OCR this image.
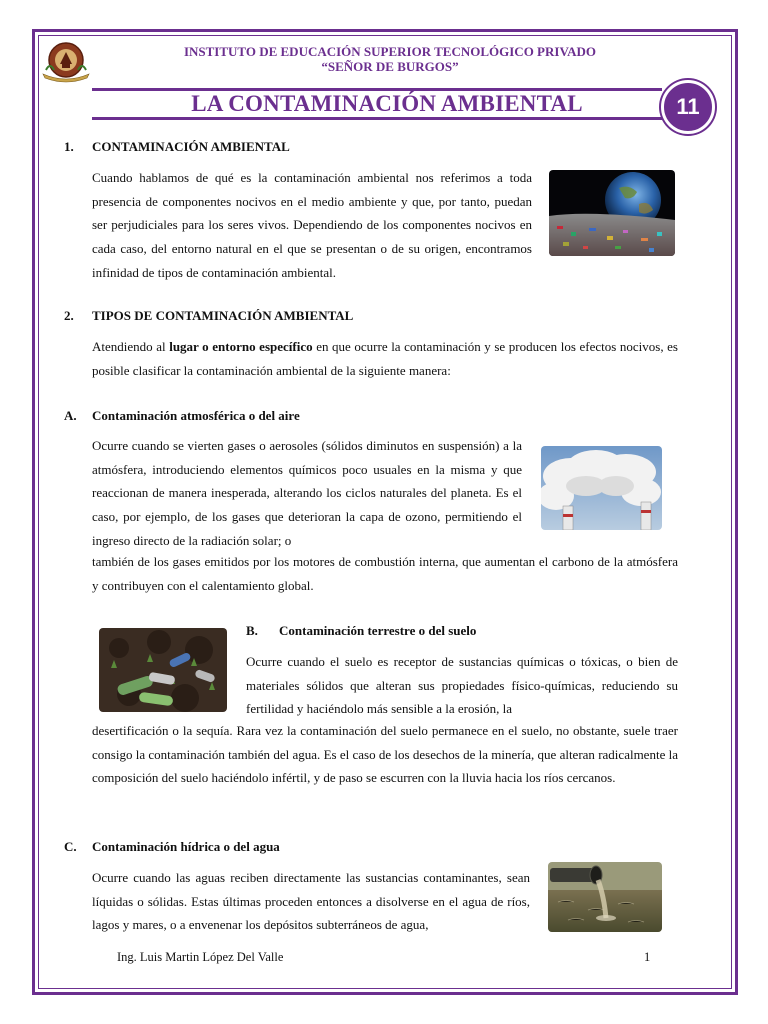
INSTITUTO DE EDUCACIÓN SUPERIOR TECNOLÓGICO PRIVADO
“SEÑOR DE BURGOS”
LA CONTAMINACIÓN AMBIENTAL	11
1. CONTAMINACIÓN AMBIENTAL
Cuando hablamos de qué es la contaminación ambiental nos referimos a toda presencia de componentes nocivos en el medio ambiente y que, por tanto, puedan ser perjudiciales para los seres vivos. Dependiendo de los componentes nocivos en cada caso, del entorno natural en el que se presentan o de su origen, encontramos infinidad de tipos de contaminación ambiental.
2. TIPOS DE CONTAMINACIÓN AMBIENTAL
Atendiendo al lugar o entorno específico en que ocurre la contaminación y se producen los efectos nocivos, es posible clasificar la contaminación ambiental de la siguiente manera:
A. Contaminación atmosférica o del aire
Ocurre cuando se vierten gases o aerosoles (sólidos diminutos en suspensión) a la atmósfera, introduciendo elementos químicos poco usuales en la misma y que reaccionan de manera inesperada, alterando los ciclos naturales del planeta. Es el caso, por ejemplo, de los gases que deterioran la capa de ozono, permitiendo el ingreso directo de la radiación solar; o
también de los gases emitidos por los motores de combustión interna, que aumentan el carbono de la atmósfera y contribuyen con el calentamiento global.
B. Contaminación terrestre o del suelo
Ocurre cuando el suelo es receptor de sustancias químicas o tóxicas, o bien de materiales sólidos que alteran sus propiedades físico-químicas, reduciendo su fertilidad y haciéndolo más sensible a la erosión, la
desertificación o la sequía. Rara vez la contaminación del suelo permanece en el suelo, no obstante, suele traer consigo la contaminación también del agua. Es el caso de los desechos de la minería, que alteran radicalmente la composición del suelo haciéndolo infértil, y de paso se escurren con la lluvia hacia los ríos cercanos.
C. Contaminación hídrica o del agua
Ocurre cuando las aguas reciben directamente las sustancias contaminantes, sean líquidas o sólidas. Estas últimas proceden entonces a disolverse en el agua de ríos, lagos y mares, o a envenenar los depósitos subterráneos de agua,
Ing. Luis Martin López Del Valle	1
